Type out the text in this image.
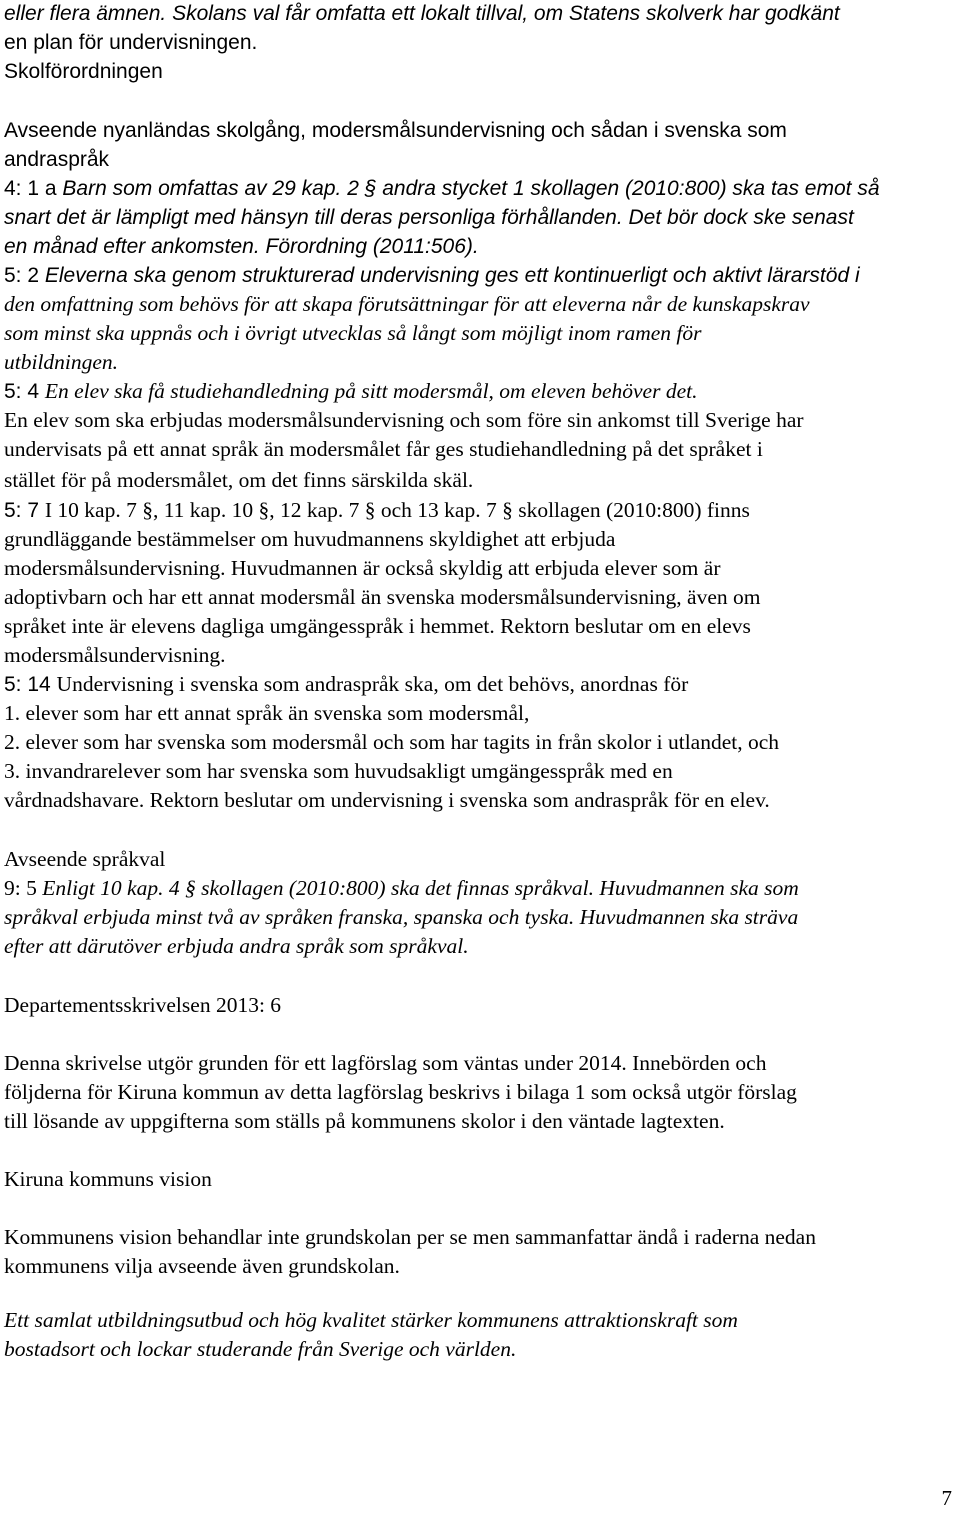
eller flera ämnen. Skolans val får omfatta ett lokalt tillval, om Statens skolverk har godkänt

en plan för undervisningen.

Skolförordningen

Avseende nyanländas skolgång, modersmålsundervisning och sådan i svenska som

andraspråk

4: 1 a Barn som omfattas av 29 kap. 2 § andra stycket 1 skollagen (2010:800) ska tas emot så

snart det är lämpligt med hänsyn till deras personliga förhållanden. Det bör dock ske senast

en månad efter ankomsten. Förordning (2011:506).

5: 2 Eleverna ska genom strukturerad undervisning ges ett kontinuerligt och aktivt lärarstöd i

den omfattning som behövs för att skapa förutsättningar för att eleverna når de kunskapskrav

som minst ska uppnås och i övrigt utvecklas så långt som möjligt inom ramen för

utbildningen.

5: 4 En elev ska få studiehandledning på sitt modersmål, om eleven behöver det.

En elev som ska erbjudas modersmålsundervisning och som före sin ankomst till Sverige har

undervisats på ett annat språk än modersmålet får ges studiehandledning på det språket i

stället för på modersmålet, om det finns särskilda skäl.

5: 7 I 10 kap. 7 §, 11 kap. 10 §, 12 kap. 7 § och 13 kap. 7 § skollagen (2010:800) finns

grundläggande bestämmelser om huvudmannens skyldighet att erbjuda

modersmålsundervisning. Huvudmannen är också skyldig att erbjuda elever som är

adoptivbarn och har ett annat modersmål än svenska modersmålsundervisning, även om

språket inte är elevens dagliga umgängesspråk i hemmet. Rektorn beslutar om en elevs

modersmålsundervisning.

5: 14 Undervisning i svenska som andraspråk ska, om det behövs, anordnas för

1. elever som har ett annat språk än svenska som modersmål,

2. elever som har svenska som modersmål och som har tagits in från skolor i utlandet, och

3. invandrarelever som har svenska som huvudsakligt umgängesspråk med en

vårdnadshavare. Rektorn beslutar om undervisning i svenska som andraspråk för en elev.

Avseende språkval

9: 5 Enligt 10 kap. 4 § skollagen (2010:800) ska det finnas språkval. Huvudmannen ska som

språkval erbjuda minst två av språken franska, spanska och tyska. Huvudmannen ska sträva

efter att därutöver erbjuda andra språk som språkval.

Departementsskrivelsen 2013: 6

Denna skrivelse utgör grunden för ett lagförslag som väntas under 2014. Innebörden och

följderna för Kiruna kommun av detta lagförslag beskrivs i bilaga 1 som också utgör förslag

till lösande av uppgifterna som ställs på kommunens skolor i den väntade lagtexten.

Kiruna kommuns vision

Kommunens vision behandlar inte grundskolan per se men sammanfattar ändå i raderna nedan

kommunens vilja avseende även grundskolan.

Ett samlat utbildningsutbud och hög kvalitet stärker kommunens attraktionskraft som

bostadsort och lockar studerande från Sverige och världen.

7
